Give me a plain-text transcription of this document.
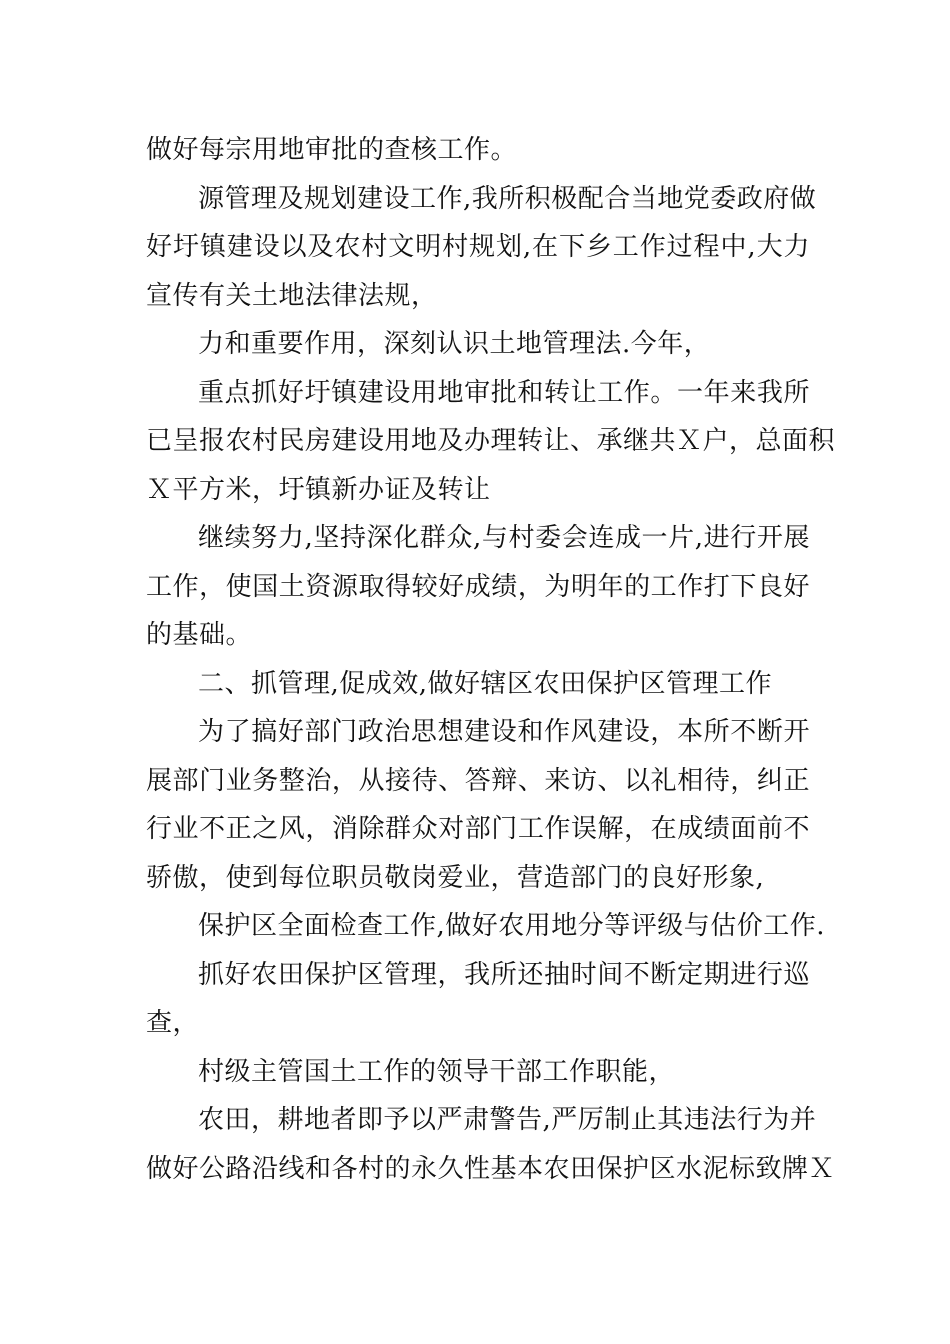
做好每宗用地审批的查核工作。
源管理及规划建设工作,我所积极配合当地党委政府做
好圩镇建设以及农村文明村规划,在下乡工作过程中,大力
宣传有关土地法律法规，
力和重要作用，深刻认识土地管理法.今年，
重点抓好圩镇建设用地审批和转让工作。一年来我所
已呈报农村民房建设用地及办理转让、承继共Ｘ户，总面积
Ｘ平方米，圩镇新办证及转让
继续努力,坚持深化群众,与村委会连成一片,进行开展
工作，使国土资源取得较好成绩，为明年的工作打下良好
的基础。
二、抓管理,促成效,做好辖区农田保护区管理工作
为了搞好部门政治思想建设和作风建设，本所不断开
展部门业务整治，从接待、答辩、来访、以礼相待，纠正
行业不正之风，消除群众对部门工作误解，在成绩面前不
骄傲，使到每位职员敬岗爱业，营造部门的良好形象,
保护区全面检查工作,做好农用地分等评级与估价工作.
抓好农田保护区管理，我所还抽时间不断定期进行巡
查，
村级主管国土工作的领导干部工作职能，
农田，耕地者即予以严肃警告,严厉制止其违法行为并
做好公路沿线和各村的永久性基本农田保护区水泥标致牌Ｘ
